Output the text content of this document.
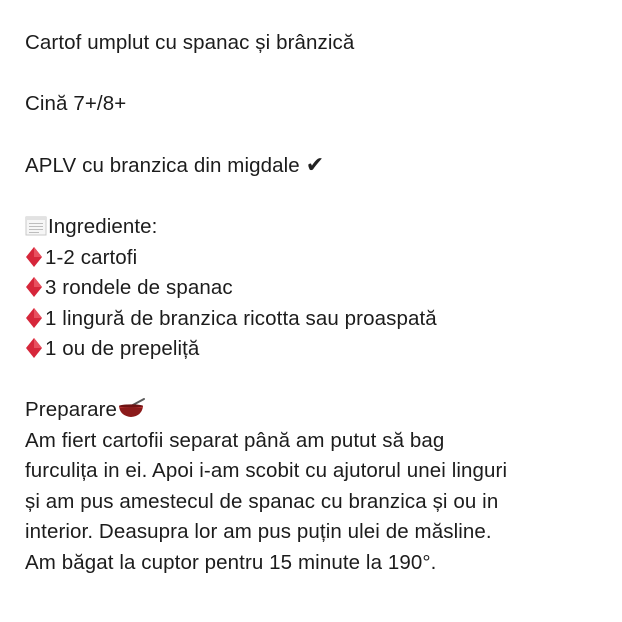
Cartof umplut cu spanac și brânzică
Cină 7+/8+
APLV cu branzica din migdale ✔
Ingrediente:
1-2 cartofi
3 rondele de spanac
1 lingură de branzica ricotta sau proaspată
1 ou de prepeliță
Preparare
Am fiert cartofii separat până am putut să bag
furculița in ei. Apoi i-am scobit cu ajutorul unei linguri
și am pus amestecul de spanac cu branzica și ou in
interior. Deasupra lor am pus puțin ulei de măsline.
Am băgat la cuptor pentru 15 minute la 190°.
